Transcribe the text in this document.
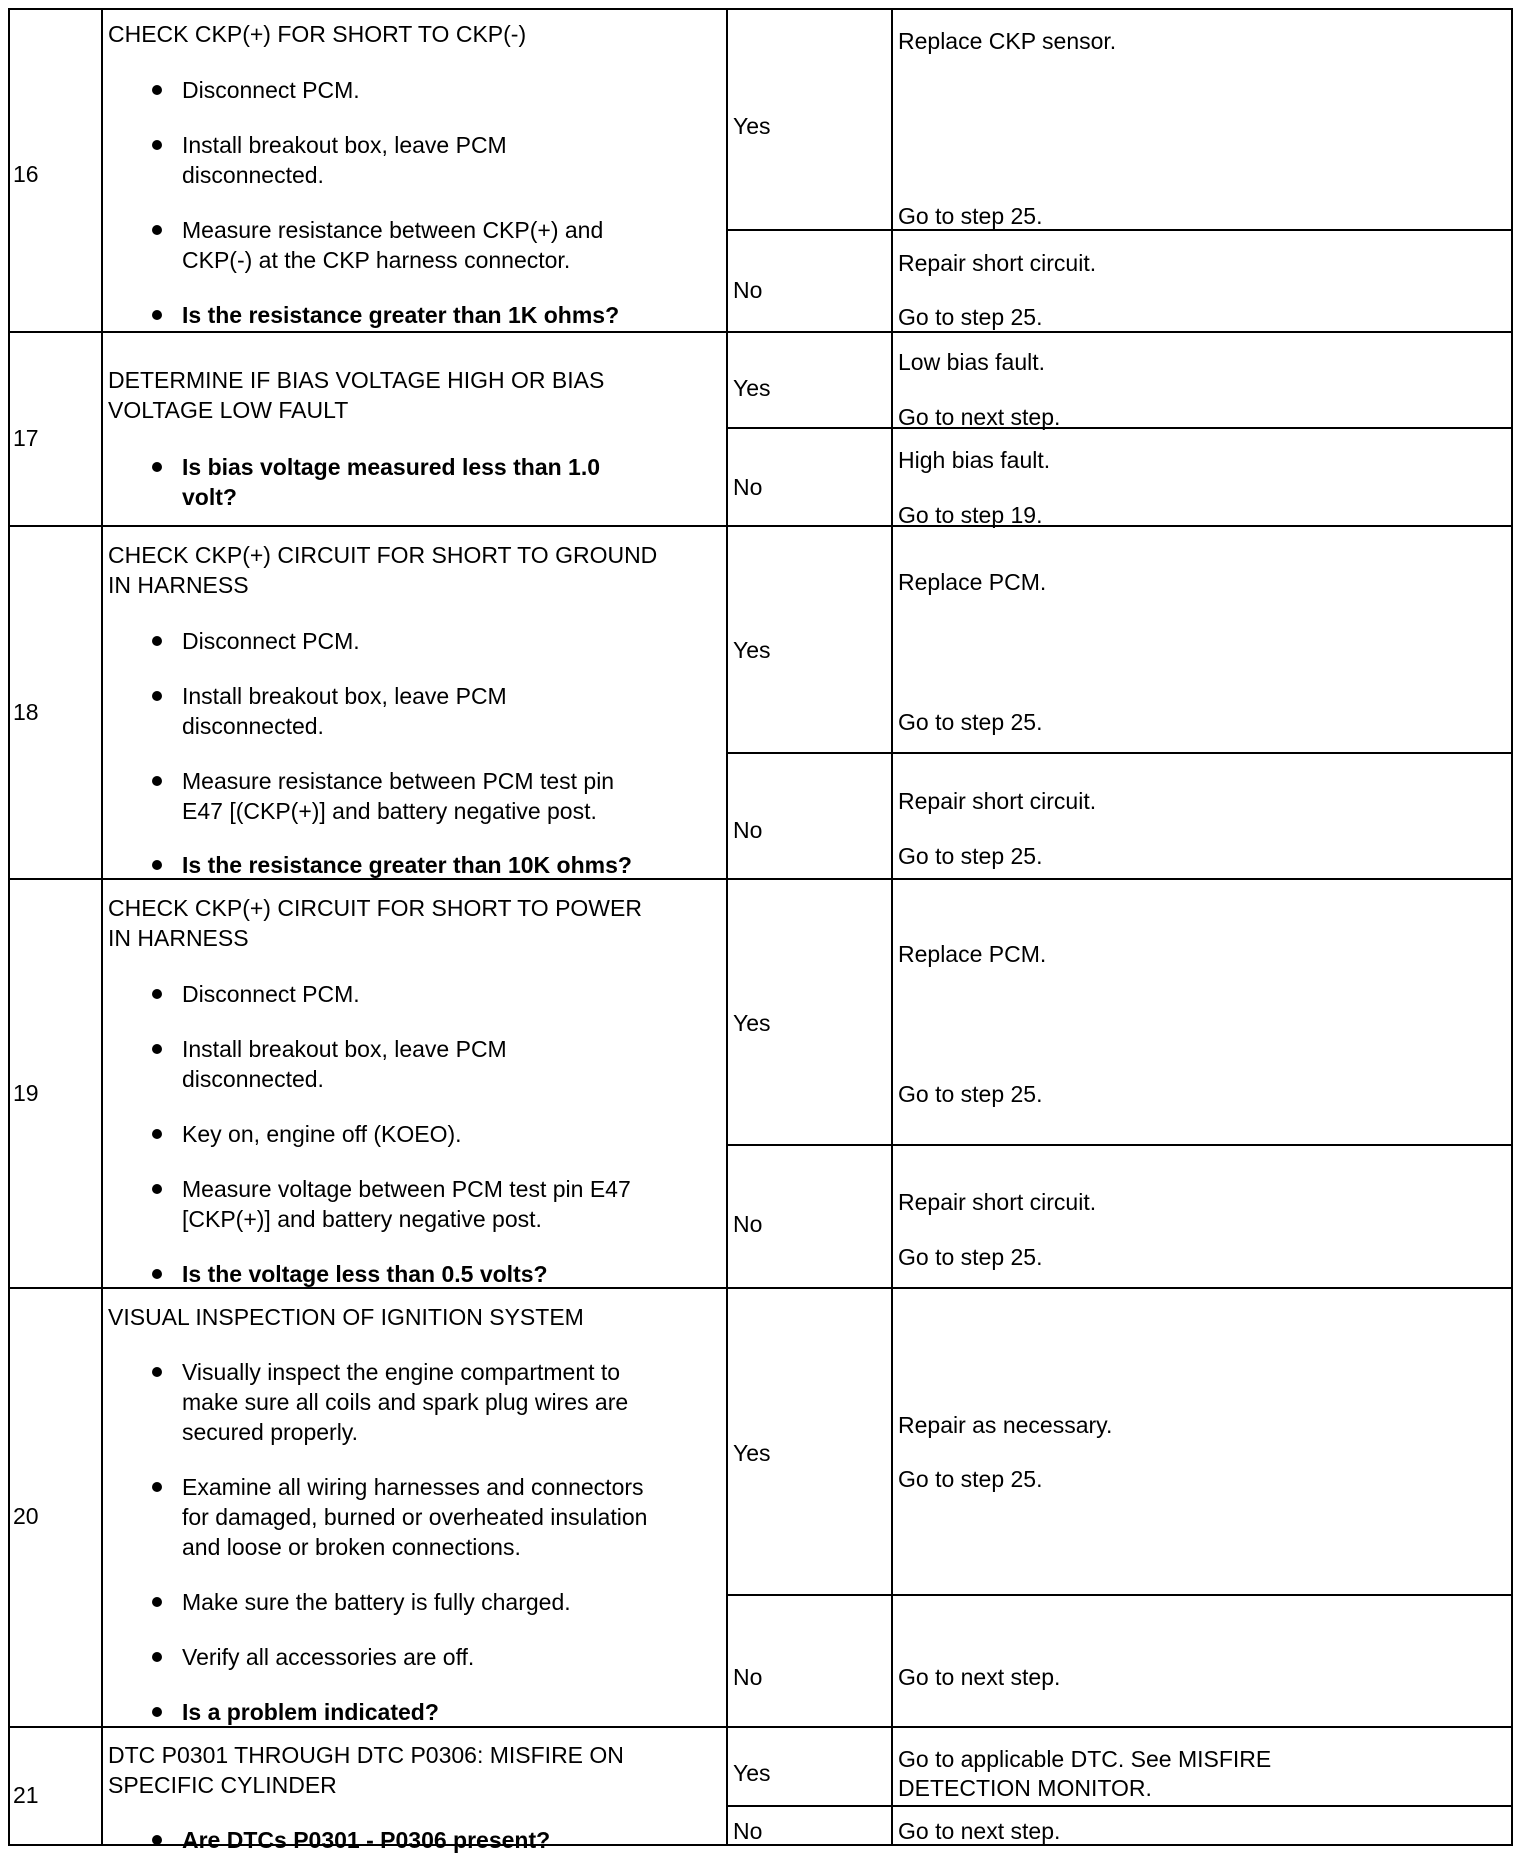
16
CHECK CKP(+) FOR SHORT TO CKP(-)
Disconnect PCM.
Install breakout box, leave PCM
disconnected.
Measure resistance between CKP(+) and
CKP(-) at the CKP harness connector.
Is the resistance greater than 1K ohms?
Yes
Replace CKP sensor.
Go to step 25.
No
Repair short circuit.
Go to step 25.
17
DETERMINE IF BIAS VOLTAGE HIGH OR BIAS
VOLTAGE LOW FAULT
Is bias voltage measured less than 1.0
volt?
Yes
Low bias fault.
Go to next step.
No
High bias fault.
Go to step 19.
18
CHECK CKP(+) CIRCUIT FOR SHORT TO GROUND
IN HARNESS
Disconnect PCM.
Install breakout box, leave PCM
disconnected.
Measure resistance between PCM test pin
E47 [(CKP(+)] and battery negative post.
Is the resistance greater than 10K ohms?
Yes
Replace PCM.
Go to step 25.
No
Repair short circuit.
Go to step 25.
19
CHECK CKP(+) CIRCUIT FOR SHORT TO POWER
IN HARNESS
Disconnect PCM.
Install breakout box, leave PCM
disconnected.
Key on, engine off (KOEO).
Measure voltage between PCM test pin E47
[CKP(+)] and battery negative post.
Is the voltage less than 0.5 volts?
Yes
Replace PCM.
Go to step 25.
No
Repair short circuit.
Go to step 25.
20
VISUAL INSPECTION OF IGNITION SYSTEM
Visually inspect the engine compartment to
make sure all coils and spark plug wires are
secured properly.
Examine all wiring harnesses and connectors
for damaged, burned or overheated insulation
and loose or broken connections.
Make sure the battery is fully charged.
Verify all accessories are off.
Is a problem indicated?
Yes
Repair as necessary.
Go to step 25.
No	Go to next step.
21
DTC P0301 THROUGH DTC P0306: MISFIRE ON
SPECIFIC CYLINDER
Are DTCs P0301 - P0306 present?
Yes
Go to applicable DTC. See MISFIRE
DETECTION MONITOR.
No	Go to next step.
